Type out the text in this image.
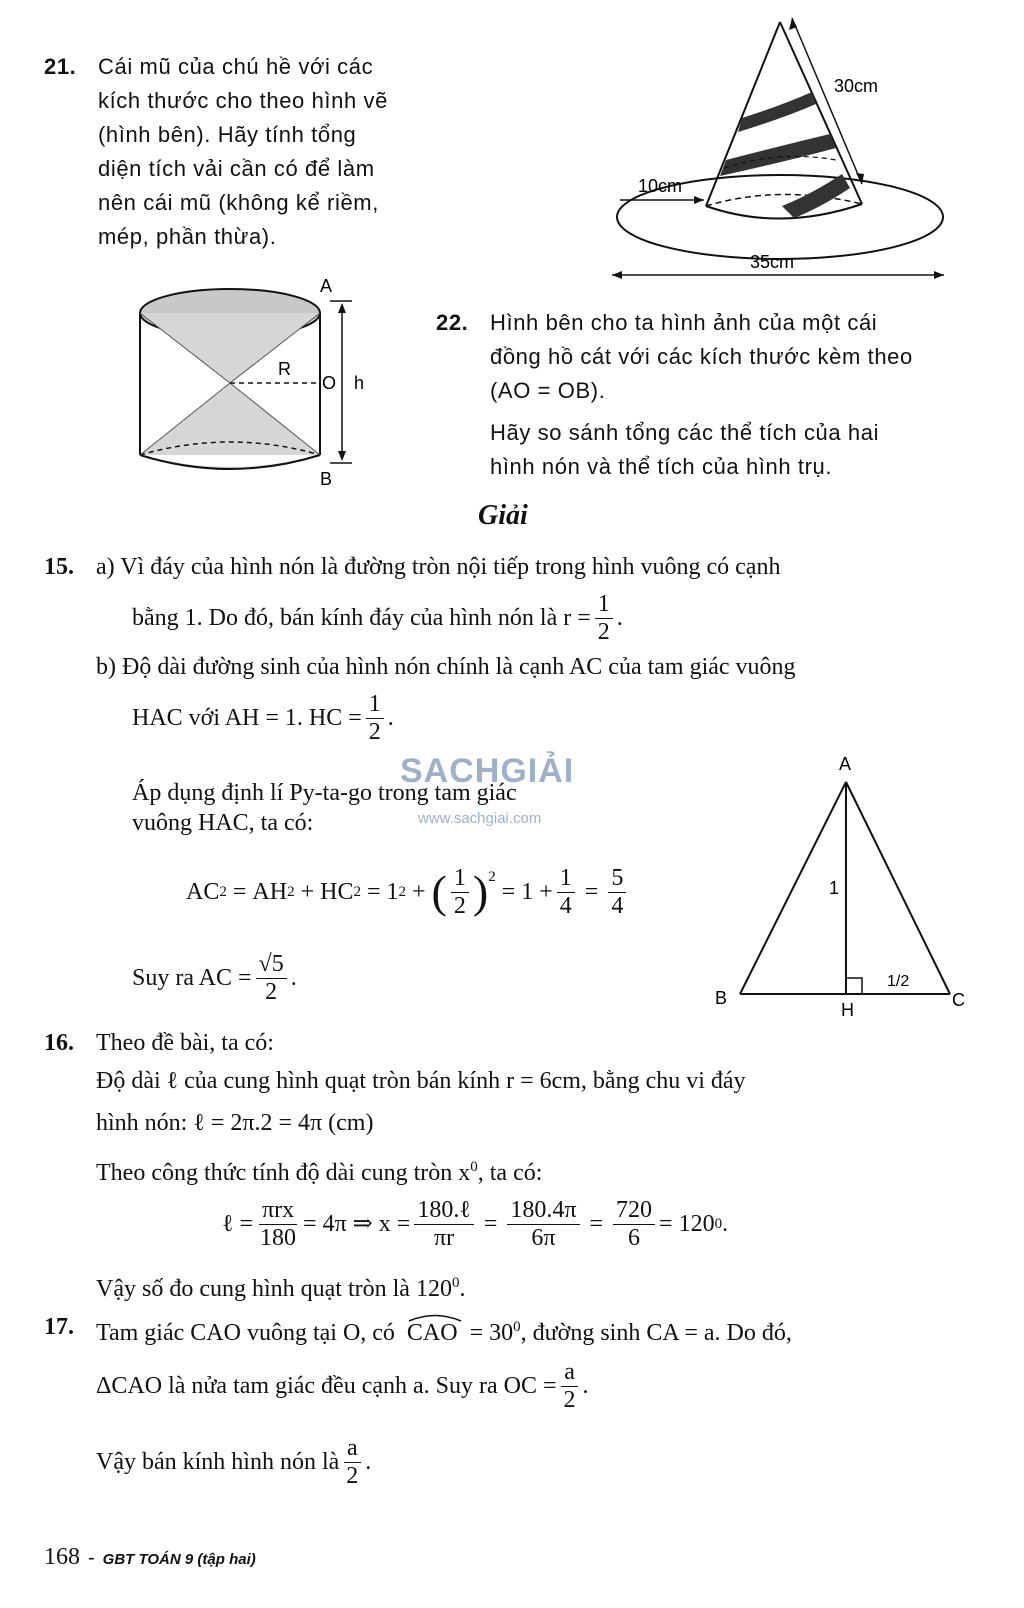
21. Cái mũ của chú hề với các
kích thước cho theo hình vẽ
(hình bên). Hãy tính tổng
diện tích vải cần có để làm
nên cái mũ (không kể riềm,
mép, phần thừa).
30cm
10cm
35cm
A
B
R
O h
22. Hình bên cho ta hình ảnh của một cái
đồng hồ cát với các kích thước kèm theo
(AO = OB).
Hãy so sánh tổng các thể tích của hai
hình nón và thể tích của hình trụ.
Giải
15. a) Vì đáy của hình nón là đường tròn nội tiếp trong hình vuông có cạnh
bằng 1. Do đó, bán kính đáy của hình nón là $r = \frac{1}{2}$ .
b) Độ dài đường sinh của hình nón chính là cạnh AC của tam giác vuông
HAC với AH = 1. HC = $\frac{1}{2}$ .
Áp dụng định lí Py-ta-go trong tam giác
vuông HAC, ta có:
AC 2 = AH 2 + HC 2 = 1 2 + ( $\frac{1}{2} )^2$

= $1 + \frac{1}{4} = \frac{5}{4}$
Suy ra AC = $\frac{√5}{2}$ .
SACHGIẢI
www.sachgiai.com
A
B	C
H
1
1/2
16. Theo đề bài, ta có:
Độ dài ℓ của cung hình quạt tròn bán kính r = 6cm, bằng chu vi đáy
hình nón: ℓ = 2π.2 = 4π (cm)
Theo công thức tính độ dài cung tròn $x^0$, ta có:
ℓ = $\frac{\text{πrx}}{180} = 4\pi$ ⇒ $x = \frac{\text{180.ℓ}}{\pi r} = \frac{180.4\pi}{6\pi} = \frac{720}{6} = 120$ 0 .
Vậy số đo cung hình quạt tròn là $120^0$.
17. Tam giác CAO vuông tại O, có CAO = $30^0$, đường sinh CA = a. Do đó,
ΔCAO là nửa tam giác đều cạnh a. Suy ra OC = $\frac{a}{2}$ .
Vậy bán kính hình nón là $\frac{a}{2}$ .
168 - GBT TOÁN 9 (tập hai)
